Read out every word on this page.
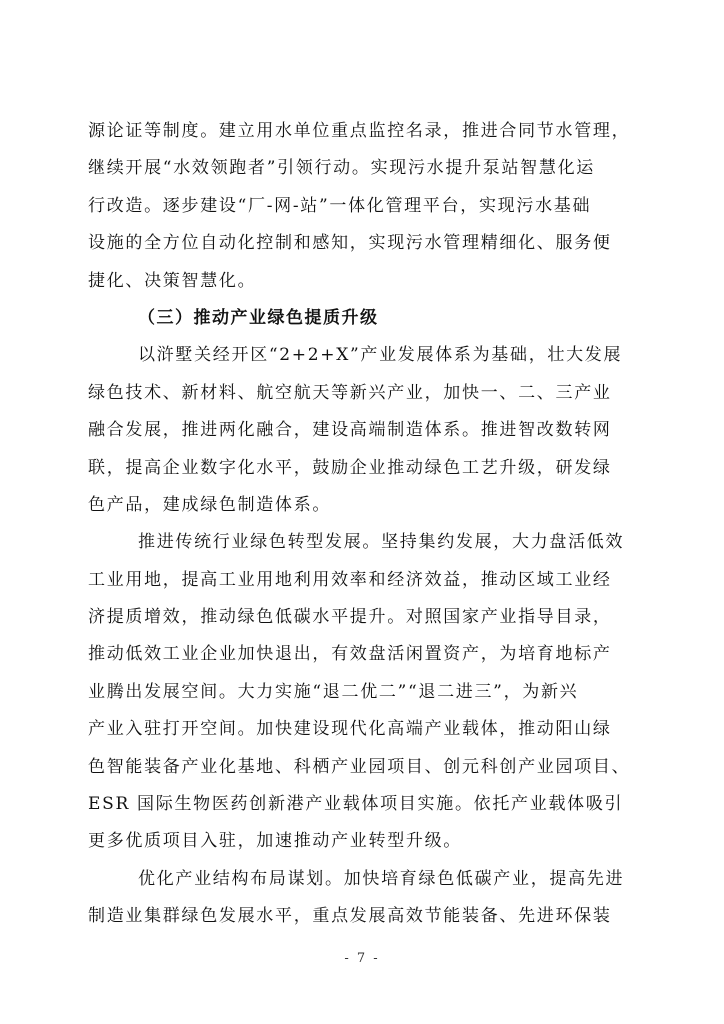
源论证等制度。建立用水单位重点监控名录，推进合同节水管理，
继续开展“水效领跑者”引领行动。实现污水提升泵站智慧化运
行改造。逐步建设“厂-网-站”一体化管理平台，实现污水基础
设施的全方位自动化控制和感知，实现污水管理精细化、服务便
捷化、决策智慧化。
（三）推动产业绿色提质升级
以浒墅关经开区“2+2+X”产业发展体系为基础，壮大发展
绿色技术、新材料、航空航天等新兴产业，加快一、二、三产业
融合发展，推进两化融合，建设高端制造体系。推进智改数转网
联，提高企业数字化水平，鼓励企业推动绿色工艺升级，研发绿
色产品，建成绿色制造体系。
推进传统行业绿色转型发展。坚持集约发展，大力盘活低效
工业用地，提高工业用地利用效率和经济效益，推动区域工业经
济提质增效，推动绿色低碳水平提升。对照国家产业指导目录，
推动低效工业企业加快退出，有效盘活闲置资产，为培育地标产
业腾出发展空间。大力实施“退二优二”“退二进三”，为新兴
产业入驻打开空间。加快建设现代化高端产业载体，推动阳山绿
色智能装备产业化基地、科栖产业园项目、创元科创产业园项目、
ESR 国际生物医药创新港产业载体项目实施。依托产业载体吸引
更多优质项目入驻，加速推动产业转型升级。
优化产业结构布局谋划。加快培育绿色低碳产业，提高先进
制造业集群绿色发展水平，重点发展高效节能装备、先进环保装
- 7 -
